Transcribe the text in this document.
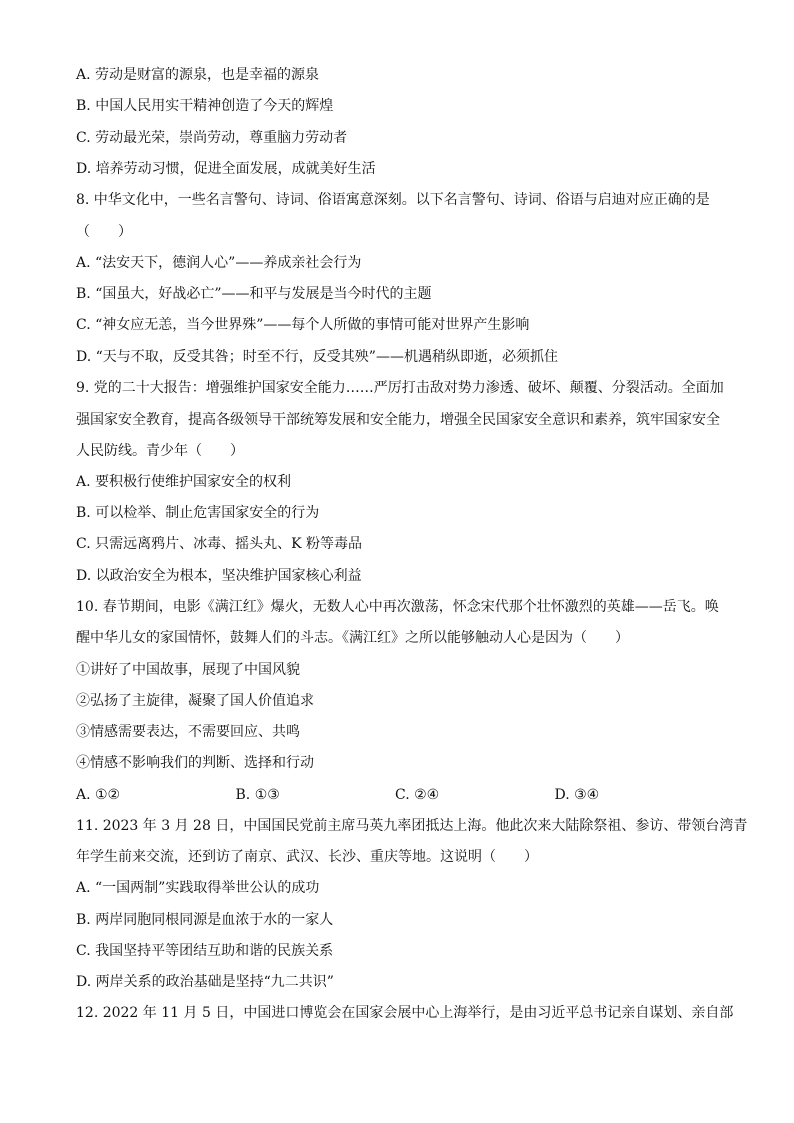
A. 劳动是财富的源泉，也是幸福的源泉
B. 中国人民用实干精神创造了今天的辉煌
C. 劳动最光荣，崇尚劳动，尊重脑力劳动者
D. 培养劳动习惯，促进全面发展，成就美好生活
8. 中华文化中，一些名言警句、诗词、俗语寓意深刻。以下名言警句、诗词、俗语与启迪对应正确的是
（　　）
A. “法安天下，德润人心”——养成亲社会行为
B. “国虽大，好战必亡”——和平与发展是当今时代的主题
C. “神女应无恙，当今世界殊”——每个人所做的事情可能对世界产生影响
D. “天与不取，反受其咎；时至不行，反受其殃”——机遇稍纵即逝，必须抓住
9. 党的二十大报告：增强维护国家安全能力……严厉打击敌对势力渗透、破坏、颠覆、分裂活动。全面加
强国家安全教育，提高各级领导干部统筹发展和安全能力，增强全民国家安全意识和素养，筑牢国家安全
人民防线。青少年（　　）
A. 要积极行使维护国家安全的权利
B. 可以检举、制止危害国家安全的行为
C. 只需远离鸦片、冰毒、摇头丸、K 粉等毒品
D. 以政治安全为根本，坚决维护国家核心利益
10. 春节期间，电影《满江红》爆火，无数人心中再次激荡，怀念宋代那个壮怀激烈的英雄——岳飞。唤
醒中华儿女的家国情怀，鼓舞人们的斗志。《满江红》之所以能够触动人心是因为（　　）
①讲好了中国故事，展现了中国风貌
②弘扬了主旋律，凝聚了国人价值追求
③情感需要表达，不需要回应、共鸣
④情感不影响我们的判断、选择和行动
A. ①②	B. ①③	C. ②④	D. ③④
11. 2023 年 3 月 28 日，中国国民党前主席马英九率团抵达上海。他此次来大陆除祭祖、参访、带领台湾青
年学生前来交流，还到访了南京、武汉、长沙、重庆等地。这说明（　　）
A. “一国两制”实践取得举世公认的成功
B. 两岸同胞同根同源是血浓于水的一家人
C. 我国坚持平等团结互助和谐的民族关系
D. 两岸关系的政治基础是坚持“九二共识”
12. 2022 年 11 月 5 日，中国进口博览会在国家会展中心上海举行，是由习近平总书记亲自谋划、亲自部
